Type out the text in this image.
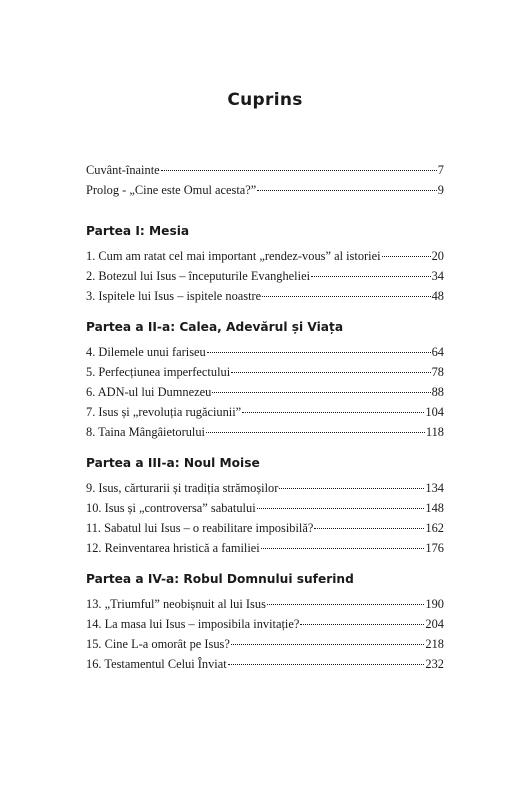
Cuprins
Cuvânt-înainte	7
Prolog - „Cine este Omul acesta?”	9
Partea I: Mesia
1. Cum am ratat cel mai important „rendez-vous” al istoriei	20
2. Botezul lui Isus – începuturile Evangheliei	34
3. Ispitele lui Isus – ispitele noastre	48
Partea a II-a: Calea, Adevărul și Viața
4. Dilemele unui fariseu	64
5. Perfecțiunea imperfectului	78
6. ADN-ul lui Dumnezeu	88
7. Isus și „revoluția rugăciunii”	104
8. Taina Mângâietorului	118
Partea a III-a: Noul Moise
9. Isus, cărturarii și tradiția strămoșilor	134
10. Isus și „controversa” sabatului	148
11. Sabatul lui Isus – o reabilitare imposibilă?	162
12. Reinventarea hristică a familiei	176
Partea a IV-a: Robul Domnului suferind
13. „Triumful” neobișnuit al lui Isus	190
14. La masa lui Isus – imposibila invitație?	204
15. Cine L-a omorât pe Isus?	218
16. Testamentul Celui Înviat	232
